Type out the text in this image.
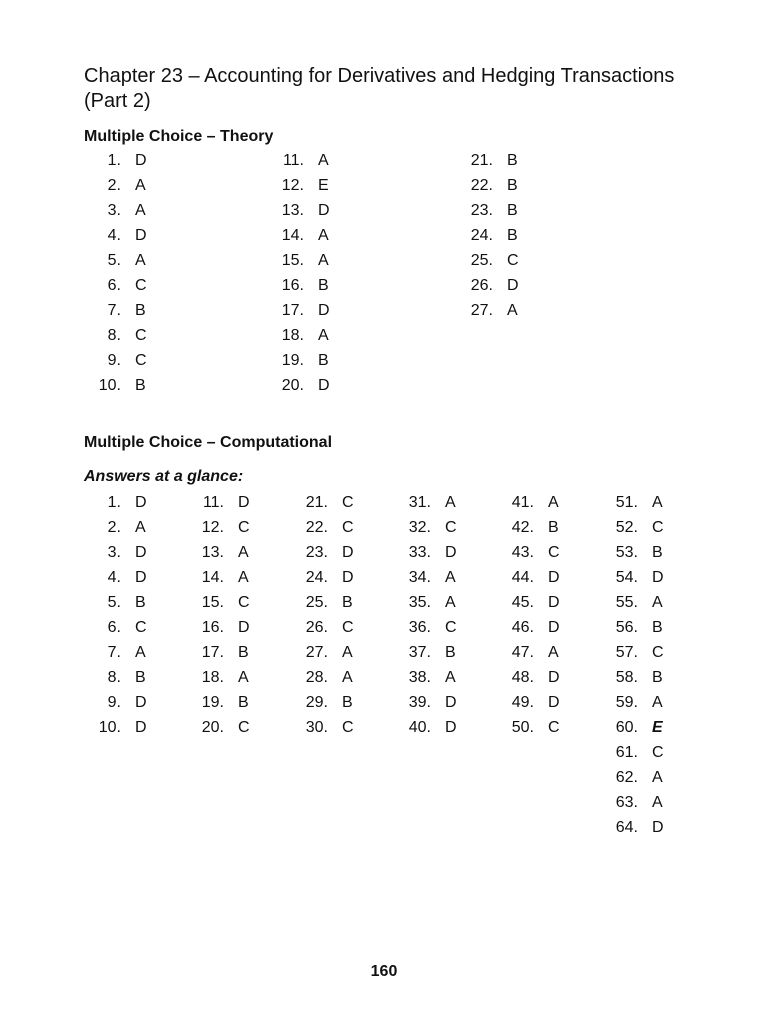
Chapter 23 – Accounting for Derivatives and Hedging Transactions (Part 2)
Multiple Choice – Theory
1. D
2. A
3. A
4. D
5. A
6. C
7. B
8. C
9. C
10. B
11. A
12. E
13. D
14. A
15. A
16. B
17. D
18. A
19. B
20. D
21. B
22. B
23. B
24. B
25. C
26. D
27. A
Multiple Choice – Computational

Answers at a glance:

1. D
2. A
3. D
4. D
5. B
6. C
7. A
8. B
9. D
10. D
11. D
12. C
13. A
14. A
15. C
16. D
17. B
18. A
19. B
20. C
21. C
22. C
23. D
24. D
25. B
26. C
27. A
28. A
29. B
30. C
31. A
32. C
33. D
34. A
35. A
36. C
37. B
38. A
39. D
40. D
41. A
42. B
43. C
44. D
45. D
46. D
47. A
48. D
49. D
50. C
51. A
52. C
53. B
54. D
55. A
56. B
57. C
58. B
59. A
60. E
61. C
62. A
63. A
64. D
160
